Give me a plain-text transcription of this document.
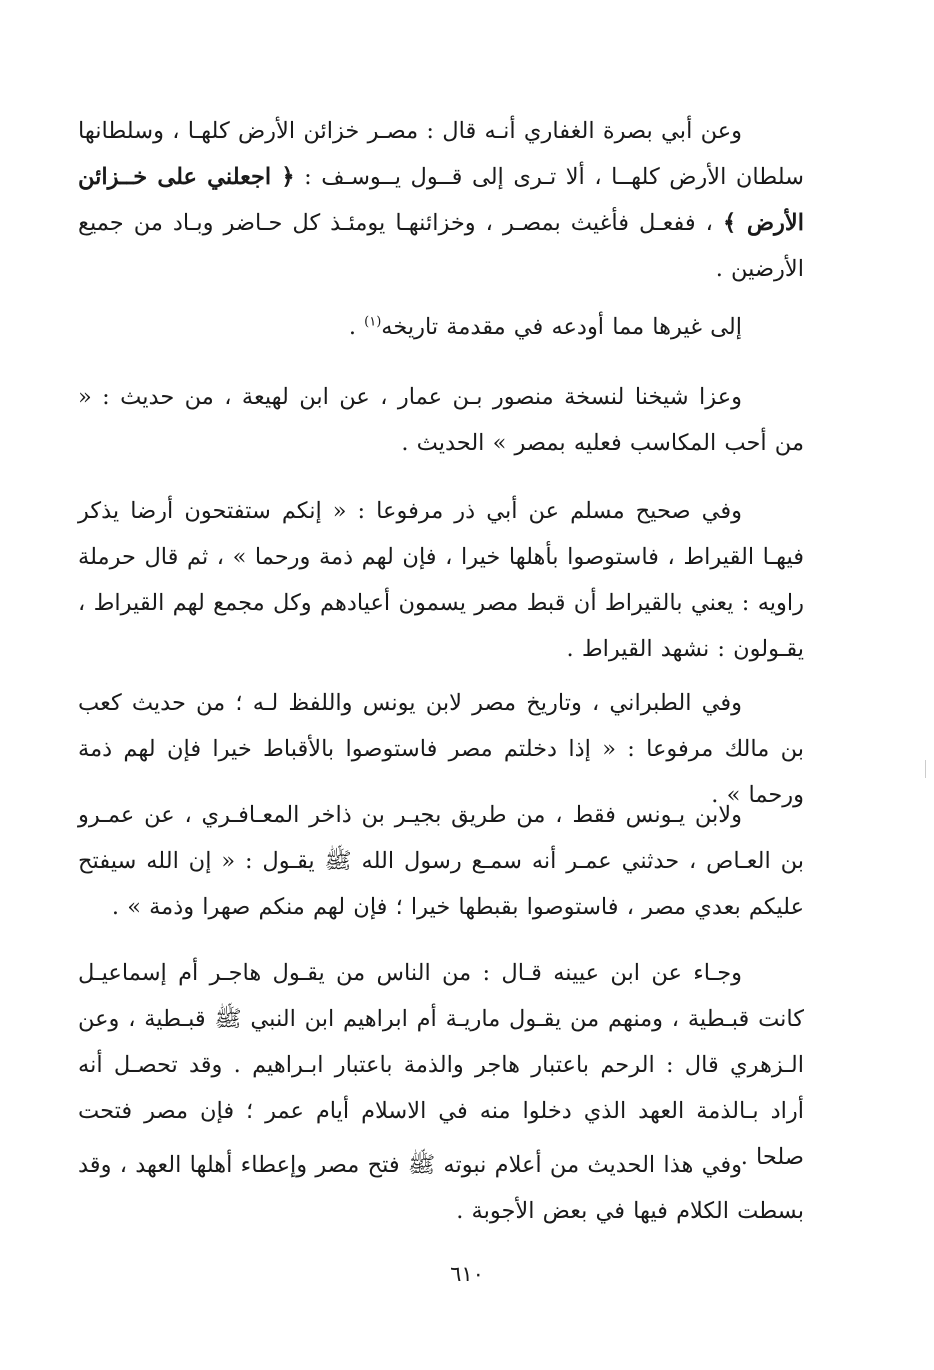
وعن أبي بصرة الغفاري أنـه قال : مصـر خزائن الأرض كلهـا ، وسلطانها سلطان الأرض كلهــا ، ألا تـرى إلى قــول يــوسـف : ﴿ اجعلني على خــزائن الأرض ﴾ ، ففعـل فأغيث بمصـر ، وخزائنهـا يومئـذ كل حـاضر وبـاد من جميع الأرضين .

إلى غيرها مما أودعه في مقدمة تاريخه$^{(١)}$ .

وعزا شيخنا لنسخة منصور بـن عمار ، عن ابن لهيعة ، من حديث : « من أحب المكاسب فعليه بمصر » الحديث .

وفي صحيح مسلم عن أبي ذر مرفوعا : « إنكم ستفتحون أرضا يذكر فيهـا القيراط ، فاستوصوا بأهلها خيرا ، فإن لهم ذمة ورحما » ، ثم قال حرملة راويه : يعني بالقيراط أن قبط مصر يسمون أعيادهم وكل مجمع لهم القيراط ، يقـولون : نشهد القيراط .

وفي الطبراني ، وتاريخ مصر لابن يونس واللفظ لـه ؛ من حديث كعب بن مالك مرفوعا : « إذا دخلتم مصر فاستوصوا بالأقباط خيرا فإن لهم ذمة ورحما » .

ولابن يـونس فقط ، من طريق بجيـر بن ذاخر المعـافـري ، عن عمـرو بن العـاص ، حدثني عمـر أنه سمـع رسول الله ﷺ يقـول : « إن الله سيفتح عليكم بعدي مصر ، فاستوصوا بقبطها خيرا ؛ فإن لهم منكم صهرا وذمة » .

وجـاء عن ابن عيينه قـال : من الناس من يقـول هاجـر أم إسماعيـل كانت قبـطية ، ومنهم من يقـول ماريـة أم ابراهيم ابن النبي ﷺ قبـطية ، وعن الـزهري قال : الرحم باعتبار هاجر والذمة باعتبار ابـراهيم . وقد تحصـل أنه أراد بـالذمة العهد الذي دخلوا منه في الاسلام أيام عمر ؛ فإن مصر فتحت صلحا .

وفي هذا الحديث من أعلام نبوته ﷺ فتح مصر وإعطاء أهلها العهد ، وقد بسطت الكلام فيها في بعض الأجوبة .

٦١٠
